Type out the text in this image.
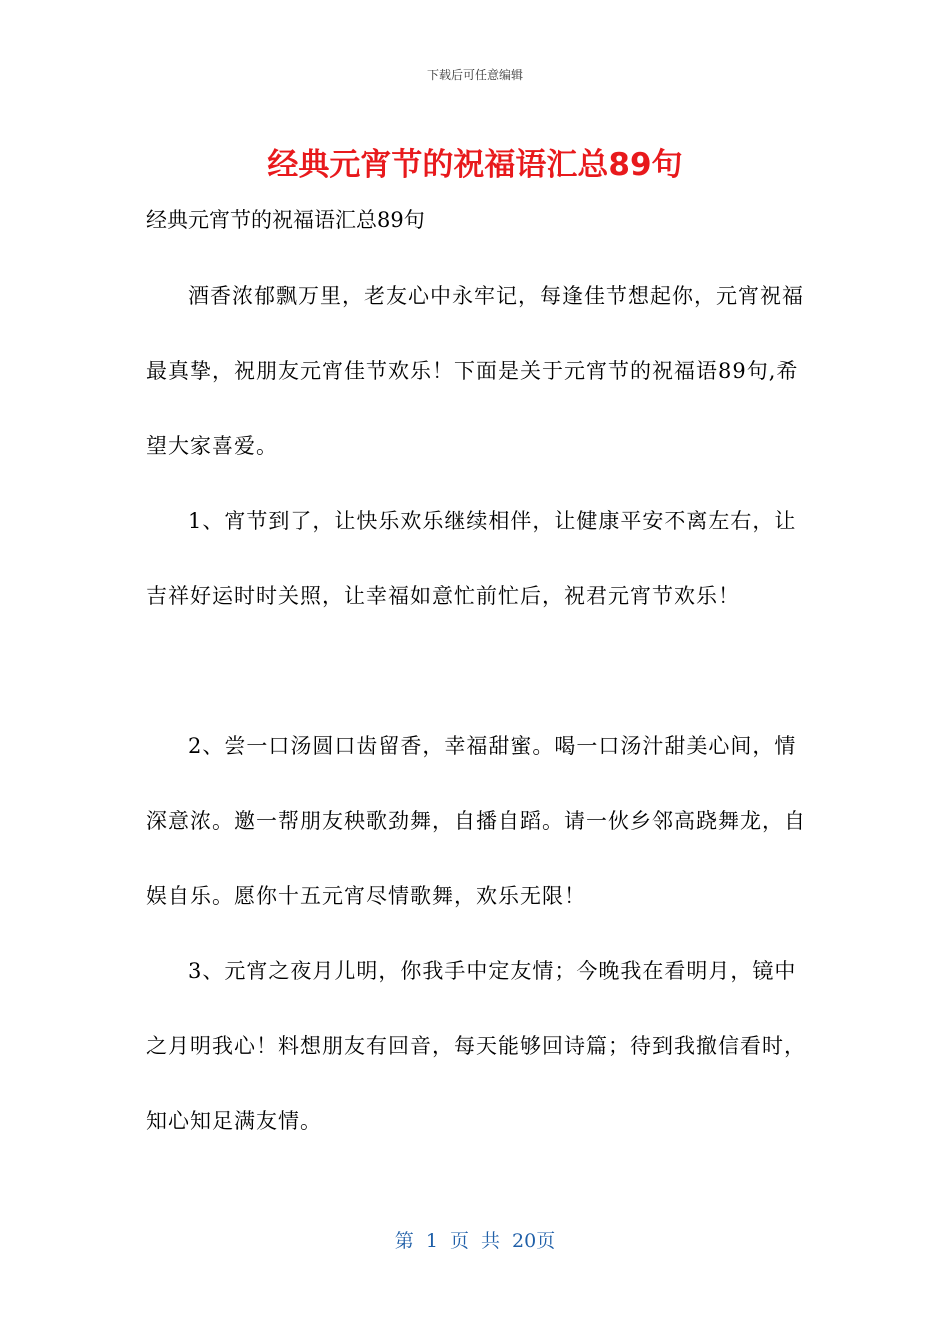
下载后可任意编辑
经典元宵节的祝福语汇总89句

经典元宵节的祝福语汇总89句

酒香浓郁飘万里，老友心中永牢记，每逢佳节想起你，元宵祝福最真挚，祝朋友元宵佳节欢乐！下面是关于元宵节的祝福语89句,希望大家喜爱。

1、宵节到了，让快乐欢乐继续相伴，让健康平安不离左右，让吉祥好运时时关照，让幸福如意忙前忙后，祝君元宵节欢乐！

2、尝一口汤圆口齿留香，幸福甜蜜。喝一口汤汁甜美心间，情深意浓。邀一帮朋友秧歌劲舞，自播自蹈。请一伙乡邻高跷舞龙，自娱自乐。愿你十五元宵尽情歌舞，欢乐无限！

3、元宵之夜月儿明，你我手中定友情；今晚我在看明月，镜中之月明我心！料想朋友有回音，每天能够回诗篇；待到我撤信看时，知心知足满友情。

第 1 页 共 20页
